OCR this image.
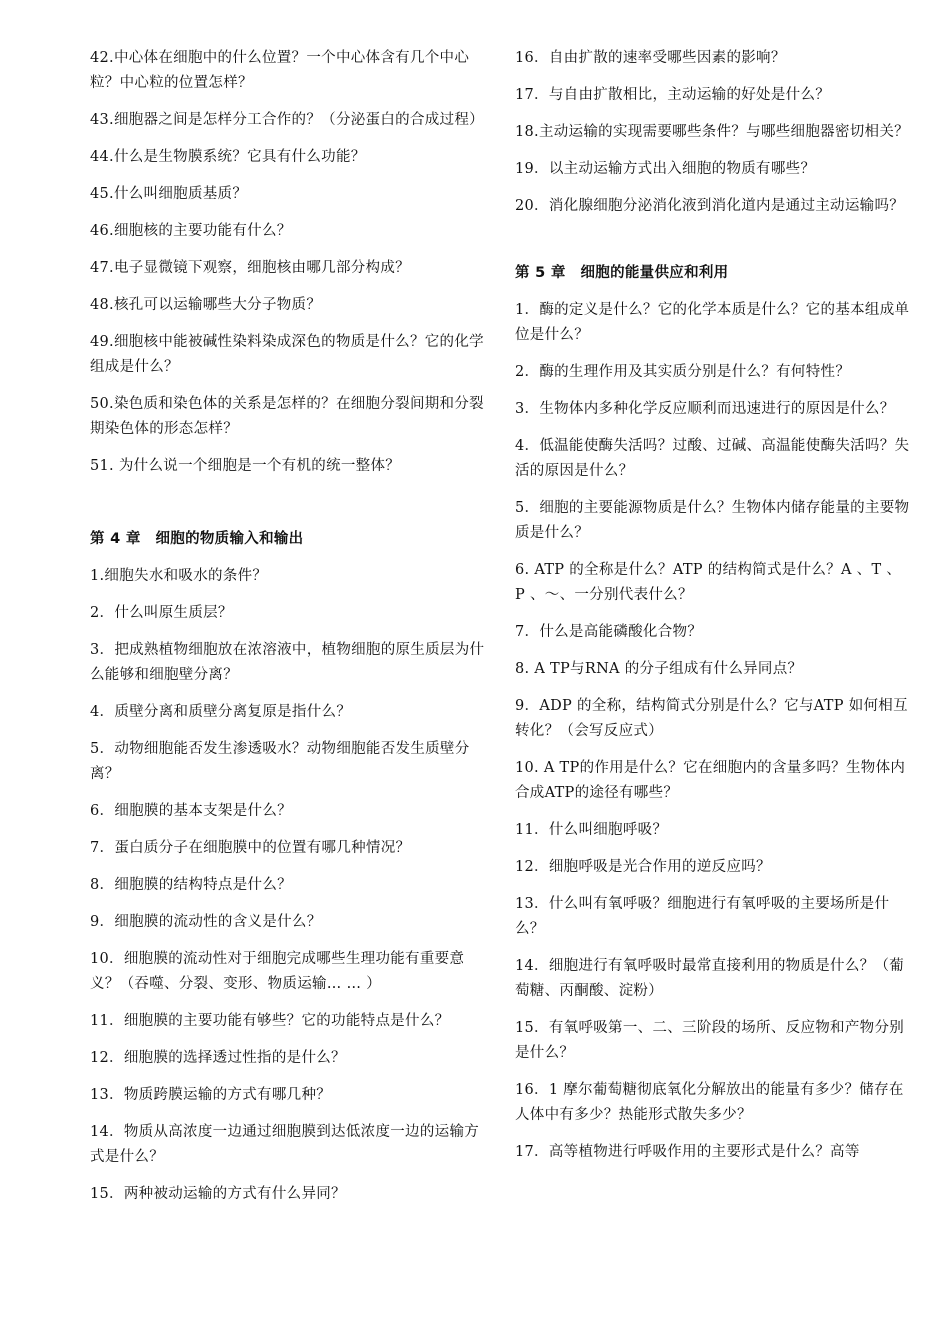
42.中心体在细胞中的什么位置？一个中心体含有几个中心粒？中心粒的位置怎样？

43.细胞器之间是怎样分工合作的？（分泌蛋白的合成过程）

44.什么是生物膜系统？它具有什么功能？

45.什么叫细胞质基质？

46.细胞核的主要功能有什么？

47.电子显微镜下观察，细胞核由哪几部分构成？

48.核孔可以运输哪些大分子物质？

49.细胞核中能被碱性染料染成深色的物质是什么？它的化学组成是什么？

50.染色质和染色体的关系是怎样的？在细胞分裂间期和分裂期染色体的形态怎样？

51. 为什么说一个细胞是一个有机的统一整体？

第 4 章　细胞的物质输入和输出

1.细胞失水和吸水的条件？

2．什么叫原生质层？

3．把成熟植物细胞放在浓溶液中，植物细胞的原生质层为什么能够和细胞壁分离？

4．质壁分离和质壁分离复原是指什么？

5．动物细胞能否发生渗透吸水？动物细胞能否发生质壁分离？

6．细胞膜的基本支架是什么？

7．蛋白质分子在细胞膜中的位置有哪几种情况？

8．细胞膜的结构特点是什么？

9．细胞膜的流动性的含义是什么？

10．细胞膜的流动性对于细胞完成哪些生理功能有重要意义？（吞噬、分裂、变形、物质运输… … ）

11．细胞膜的主要功能有够些？它的功能特点是什么？

12．细胞膜的选择透过性指的是什么？

13．物质跨膜运输的方式有哪几种？

14．物质从高浓度一边通过细胞膜到达低浓度一边的运输方式是什么？

15．两种被动运输的方式有什么异同？

16．自由扩散的速率受哪些因素的影响？

17．与自由扩散相比，主动运输的好处是什么？

18.主动运输的实现需要哪些条件？与哪些细胞器密切相关？

19．以主动运输方式出入细胞的物质有哪些？

20．消化腺细胞分泌消化液到消化道内是通过主动运输吗？

第 5 章　细胞的能量供应和利用

1．酶的定义是什么？它的化学本质是什么？它的基本组成单位是什么？

2．酶的生理作用及其实质分别是什么？有何特性？

3．生物体内多种化学反应顺利而迅速进行的原因是什么？

4．低温能使酶失活吗？过酸、过碱、高温能使酶失活吗？失活的原因是什么？

5．细胞的主要能源物质是什么？生物体内储存能量的主要物质是什么？

6. ATP 的全称是什么？ATP 的结构简式是什么？A 、T 、P 、～、一分别代表什么？

7．什么是高能磷酸化合物？

8. A TP与RNA 的分子组成有什么异同点？

9．ADP 的全称，结构简式分别是什么？它与ATP 如何相互转化？（会写反应式）

10. A TP的作用是什么？它在细胞内的含量多吗？生物体内合成ATP的途径有哪些？

11．什么叫细胞呼吸？

12．细胞呼吸是光合作用的逆反应吗？

13．什么叫有氧呼吸？细胞进行有氧呼吸的主要场所是什么？

14．细胞进行有氧呼吸时最常直接利用的物质是什么？（葡萄糖、丙酮酸、淀粉）

15．有氧呼吸第一、二、三阶段的场所、反应物和产物分别是什么？

16．1 摩尔葡萄糖彻底氧化分解放出的能量有多少？储存在人体中有多少？热能形式散失多少？

17．高等植物进行呼吸作用的主要形式是什么？高等
